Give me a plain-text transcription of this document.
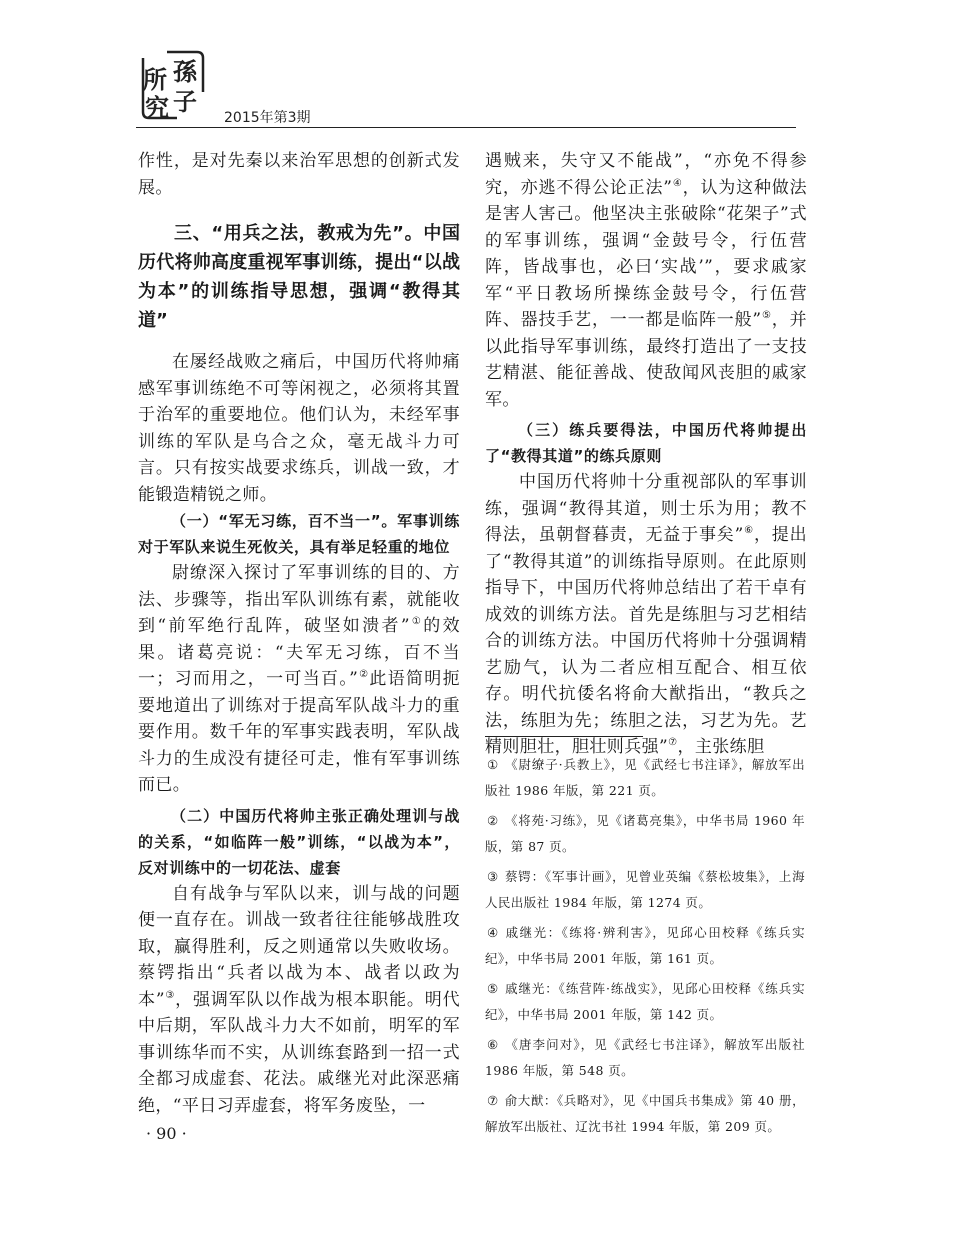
所 孫
究 子
2015年第3期

作性，是对先秦以来治军思想的创新式发展。

三、“用兵之法，教戒为先”。中国历代将帅高度重视军事训练，提出“以战为本”的训练指导思想，强调“教得其道”

在屡经战败之痛后，中国历代将帅痛感军事训练绝不可等闲视之，必须将其置于治军的重要地位。他们认为，未经军事训练的军队是乌合之众，毫无战斗力可言。只有按实战要求练兵，训战一致，才能锻造精锐之师。

（一）“军无习练，百不当一”。军事训练对于军队来说生死攸关，具有举足轻重的地位

尉缭深入探讨了军事训练的目的、方法、步骤等，指出军队训练有素，就能收到“前军绝行乱阵，破坚如溃者”①的效果。诸葛亮说：“夫军无习练，百不当一；习而用之，一可当百。”②此语简明扼要地道出了训练对于提高军队战斗力的重要作用。数千年的军事实践表明，军队战斗力的生成没有捷径可走，惟有军事训练而已。

（二）中国历代将帅主张正确处理训与战的关系，“如临阵一般”训练，“以战为本”，反对训练中的一切花法、虚套

自有战争与军队以来，训与战的问题便一直存在。训战一致者往往能够战胜攻取，赢得胜利，反之则通常以失败收场。蔡锷指出“兵者以战为本、战者以政为本”③，强调军队以作战为根本职能。明代中后期，军队战斗力大不如前，明军的军事训练华而不实，从训练套路到一招一式全都习成虚套、花法。戚继光对此深恶痛绝，“平日习弄虚套，将军务废坠，一

遇贼来，失守又不能战”，“亦免不得参究，亦逃不得公论正法”④，认为这种做法是害人害己。他坚决主张破除“花架子”式的军事训练，强调“金鼓号令，行伍营阵，皆战事也，必曰‘实战’”，要求戚家军“平日教场所操练金鼓号令，行伍营阵、器技手艺，一一都是临阵一般”⑤，并以此指导军事训练，最终打造出了一支技艺精湛、能征善战、使敌闻风丧胆的戚家军。

（三）练兵要得法，中国历代将帅提出了“教得其道”的练兵原则

中国历代将帅十分重视部队的军事训练，强调“教得其道，则士乐为用；教不得法，虽朝督暮责，无益于事矣”⑥，提出了“教得其道”的训练指导原则。在此原则指导下，中国历代将帅总结出了若干卓有成效的训练方法。首先是练胆与习艺相结合的训练方法。中国历代将帅十分强调精艺励气，认为二者应相互配合、相互依存。明代抗倭名将俞大猷指出，“教兵之法，练胆为先；练胆之法，习艺为先。艺精则胆壮，胆壮则兵强”⑦，主张练胆

① 《尉缭子·兵教上》，见《武经七书注译》，解放军出版社 1986 年版，第 221 页。

② 《将苑·习练》，见《诸葛亮集》，中华书局 1960 年版，第 87 页。

③ 蔡锷：《军事计画》，见曾业英编《蔡松坡集》，上海人民出版社 1984 年版，第 1274 页。

④ 戚继光：《练将·辨利害》，见邱心田校释《练兵实纪》，中华书局 2001 年版，第 161 页。

⑤ 戚继光：《练营阵·练战实》，见邱心田校释《练兵实纪》，中华书局 2001 年版，第 142 页。

⑥ 《唐李问对》，见《武经七书注译》，解放军出版社 1986 年版，第 548 页。

⑦ 俞大猷：《兵略对》，见《中国兵书集成》第 40 册，解放军出版社、辽沈书社 1994 年版，第 209 页。

· 90 ·
